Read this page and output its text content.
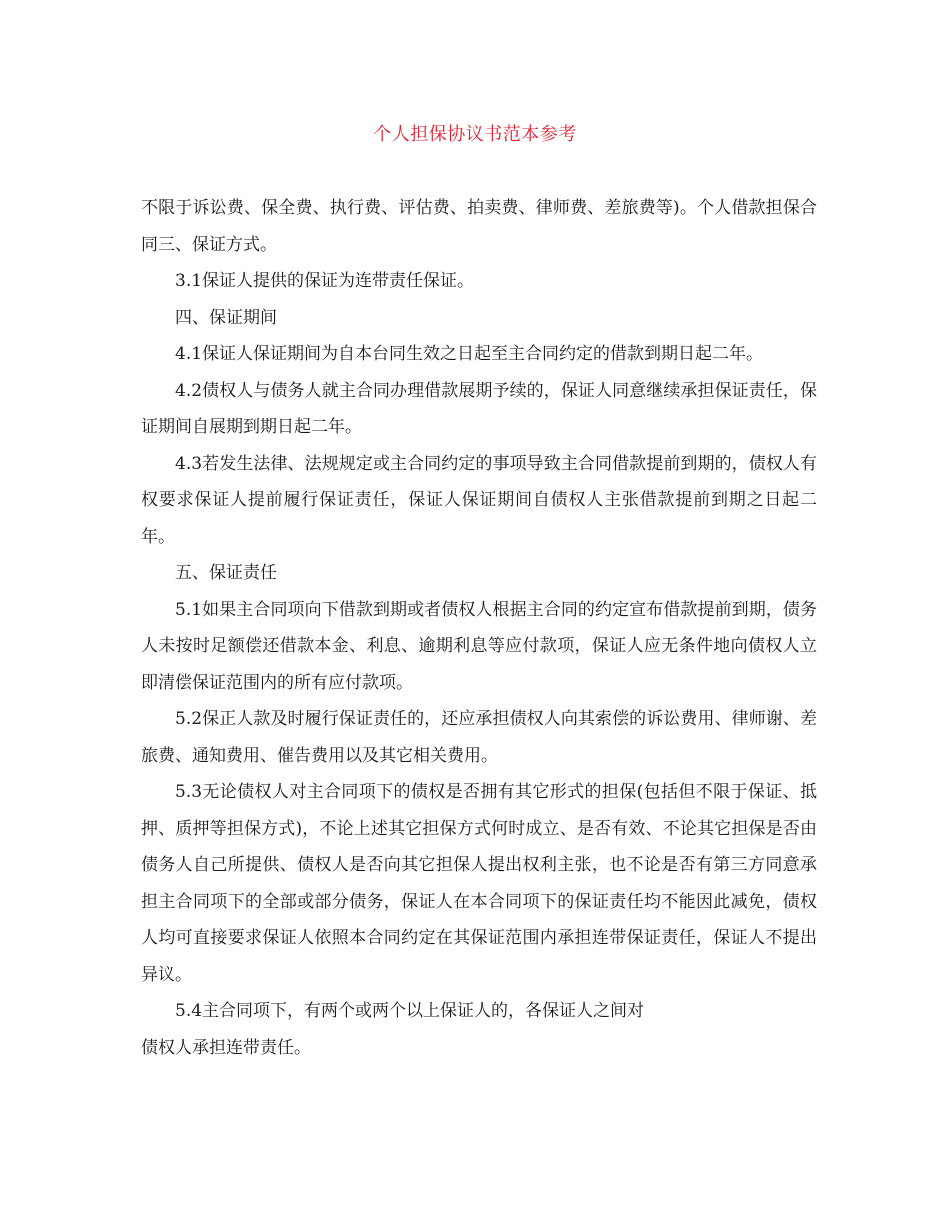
个人担保协议书范本参考

不限于诉讼费、保全费、执行费、评估费、拍卖费、律师费、差旅费等)。个人借款担保合同三、保证方式。

3.1保证人提供的保证为连带责任保证。

四、保证期间

4.1保证人保证期间为自本台同生效之日起至主合同约定的借款到期日起二年。

4.2债权人与债务人就主合同办理借款展期予续的，保证人同意继续承担保证责任，保证期间自展期到期日起二年。

4.3若发生法律、法规规定或主合同约定的事项导致主合同借款提前到期的，债权人有权要求保证人提前履行保证责任，保证人保证期间自债权人主张借款提前到期之日起二年。

五、保证责任

5.1如果主合同项向下借款到期或者债权人根据主合同的约定宣布借款提前到期，债务人未按时足额偿还借款本金、利息、逾期利息等应付款项，保证人应无条件地向债权人立即清偿保证范围内的所有应付款项。

5.2保正人款及时履行保证责任的，还应承担债权人向其索偿的诉讼费用、律师谢、差旅费、通知费用、催告费用以及其它相关费用。

5.3无论债权人对主合同项下的债权是否拥有其它形式的担保(包括但不限于保证、抵押、质押等担保方式)，不论上述其它担保方式何时成立、是否有效、不论其它担保是否由债务人自己所提供、债权人是否向其它担保人提出权利主张，也不论是否有第三方同意承担主合同项下的全部或部分债务，保证人在本合同项下的保证责任均不能因此减免，债权人均可直接要求保证人依照本合同约定在其保证范围内承担连带保证责任，保证人不提出异议。

5.4主合同项下，有两个或两个以上保证人的，各保证人之间对

债权人承担连带责任。
